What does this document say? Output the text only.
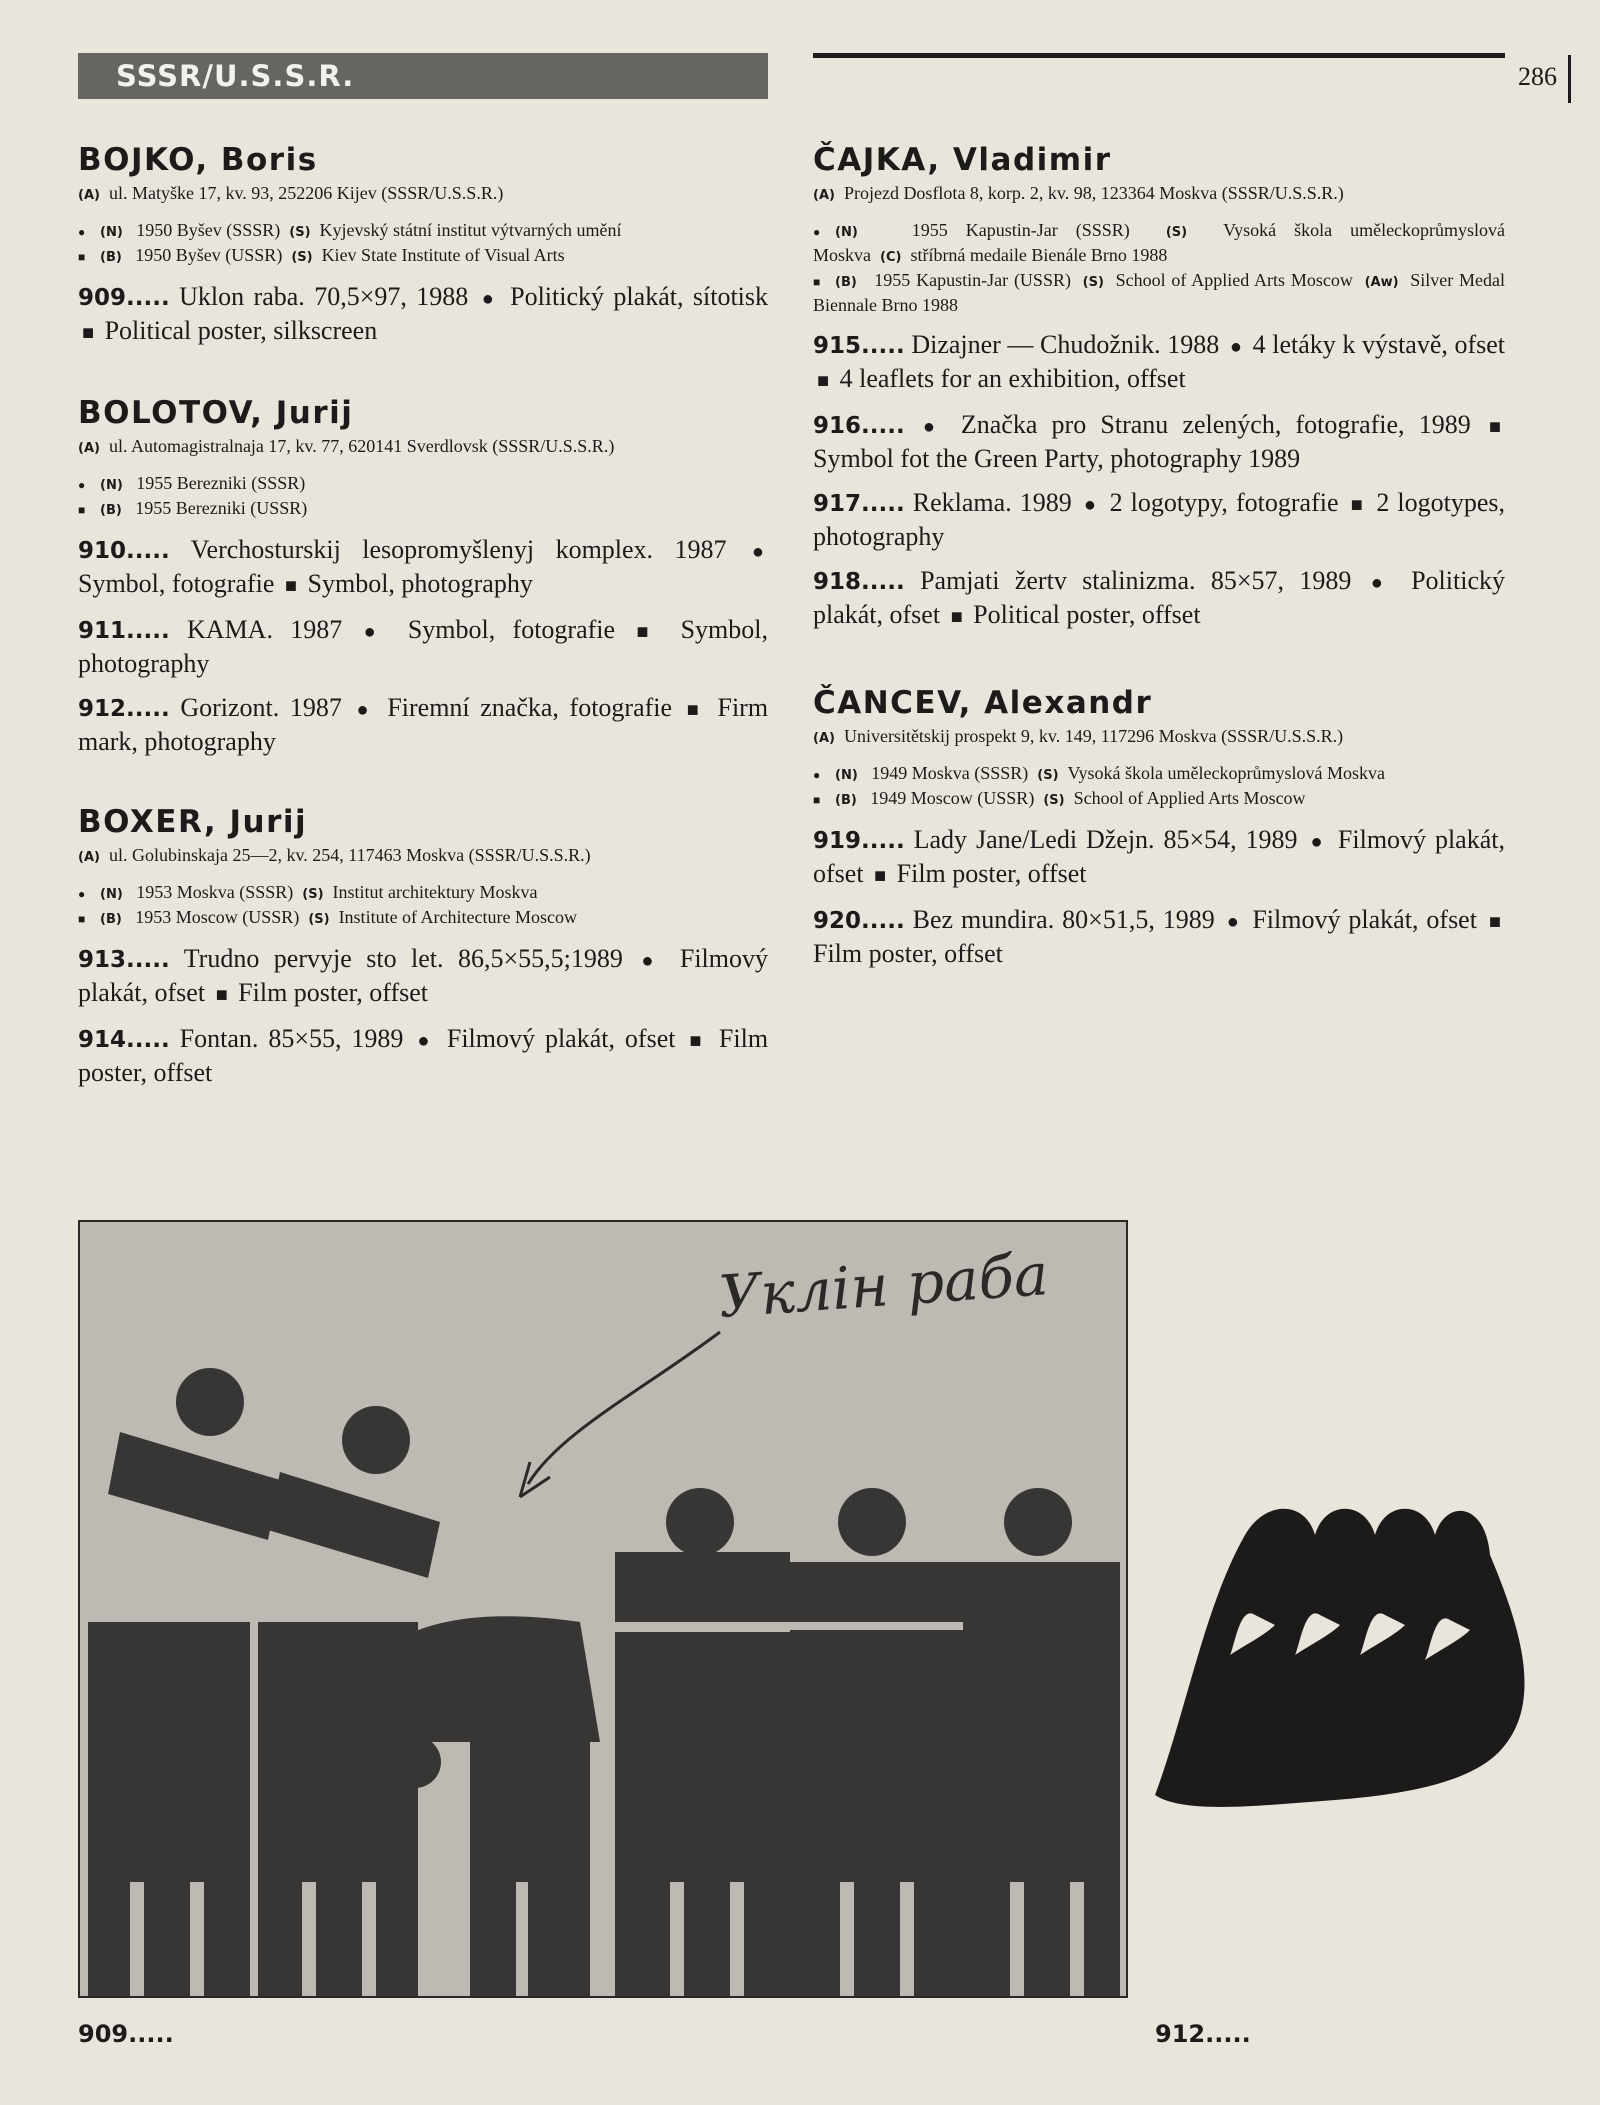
SSSR/U.S.S.R.	286
BOJKO, Boris
(A) ul. Matyške 17, kv. 93, 252206 Kijev (SSSR/U.S.S.R.)
● (N) 1950 Byšev (SSSR) (S) Kyjevský státní institut výtvarných umění
■ (B) 1950 Byšev (USSR) (S) Kiev State Institute of Visual Arts
909..... Uklon raba. 70,5×97, 1988 ● Politický plakát, sítotisk ■ Political poster, silkscreen
BOLOTOV, Jurij
(A) ul. Automagistralnaja 17, kv. 77, 620141 Sverdlovsk (SSSR/U.S.S.R.)
● (N) 1955 Berezniki (SSSR)
■ (B) 1955 Berezniki (USSR)
910..... Verchosturskij lesopromyšlenyj komplex. 1987 ● Symbol, fotografie ■ Symbol, photography
911..... KAMA. 1987 ● Symbol, fotografie ■ Symbol, photography
912..... Gorizont. 1987 ● Firemní značka, fotografie ■ Firm mark, photography
BOXER, Jurij
(A) ul. Golubinskaja 25—2, kv. 254, 117463 Moskva (SSSR/U.S.S.R.)
● (N) 1953 Moskva (SSSR) (S) Institut architektury Moskva
■ (B) 1953 Moscow (USSR) (S) Institute of Architecture Moscow
913..... Trudno pervyje sto let. 86,5×55,5;1989 ● Filmový plakát, ofset ■ Film poster, offset
914..... Fontan. 85×55, 1989 ● Filmový plakát, ofset ■ Film poster, offset
ČAJKA, Vladimir
(A) Projezd Dosflota 8, korp. 2, kv. 98, 123364 Moskva (SSSR/U.S.S.R.)
● (N)	1955 Kapustin-Jar (SSSR)	(S) Vysoká škola uměleckoprůmyslová Moskva (C) stříbrná medaile Bienále Brno 1988
■ (B) 1955 Kapustin-Jar (USSR) (S) School of Applied Arts Moscow (Aw) Silver Medal Biennale Brno 1988
915..... Dizajner — Chudožnik. 1988 ● 4 letáky k výstavě, ofset ■ 4 leaflets for an exhibition, offset
916..... ● Značka pro Stranu zelených, fotografie, 1989 ■ Symbol fot the Green Party, photography 1989
917..... Reklama. 1989 ● 2 logotypy, fotografie ■ 2 logotypes, photography
918..... Pamjati žertv stalinizma. 85×57, 1989 ● Politický plakát, ofset ■ Political poster, offset
ČANCEV, Alexandr
(A) Universitětskij prospekt 9, kv. 149, 117296 Moskva (SSSR/U.S.S.R.)
● (N) 1949 Moskva (SSSR) (S) Vysoká škola uměleckoprůmyslová Moskva
■ (B) 1949 Moscow (USSR) (S) School of Applied Arts Moscow
919..... Lady Jane/Ledi Džejn. 85×54, 1989 ● Filmový plakát, ofset ■ Film poster, offset
920..... Bez mundira. 80×51,5, 1989 ● Filmový plakát, ofset ■ Film poster, offset
Уклін раба
909.....	912.....
